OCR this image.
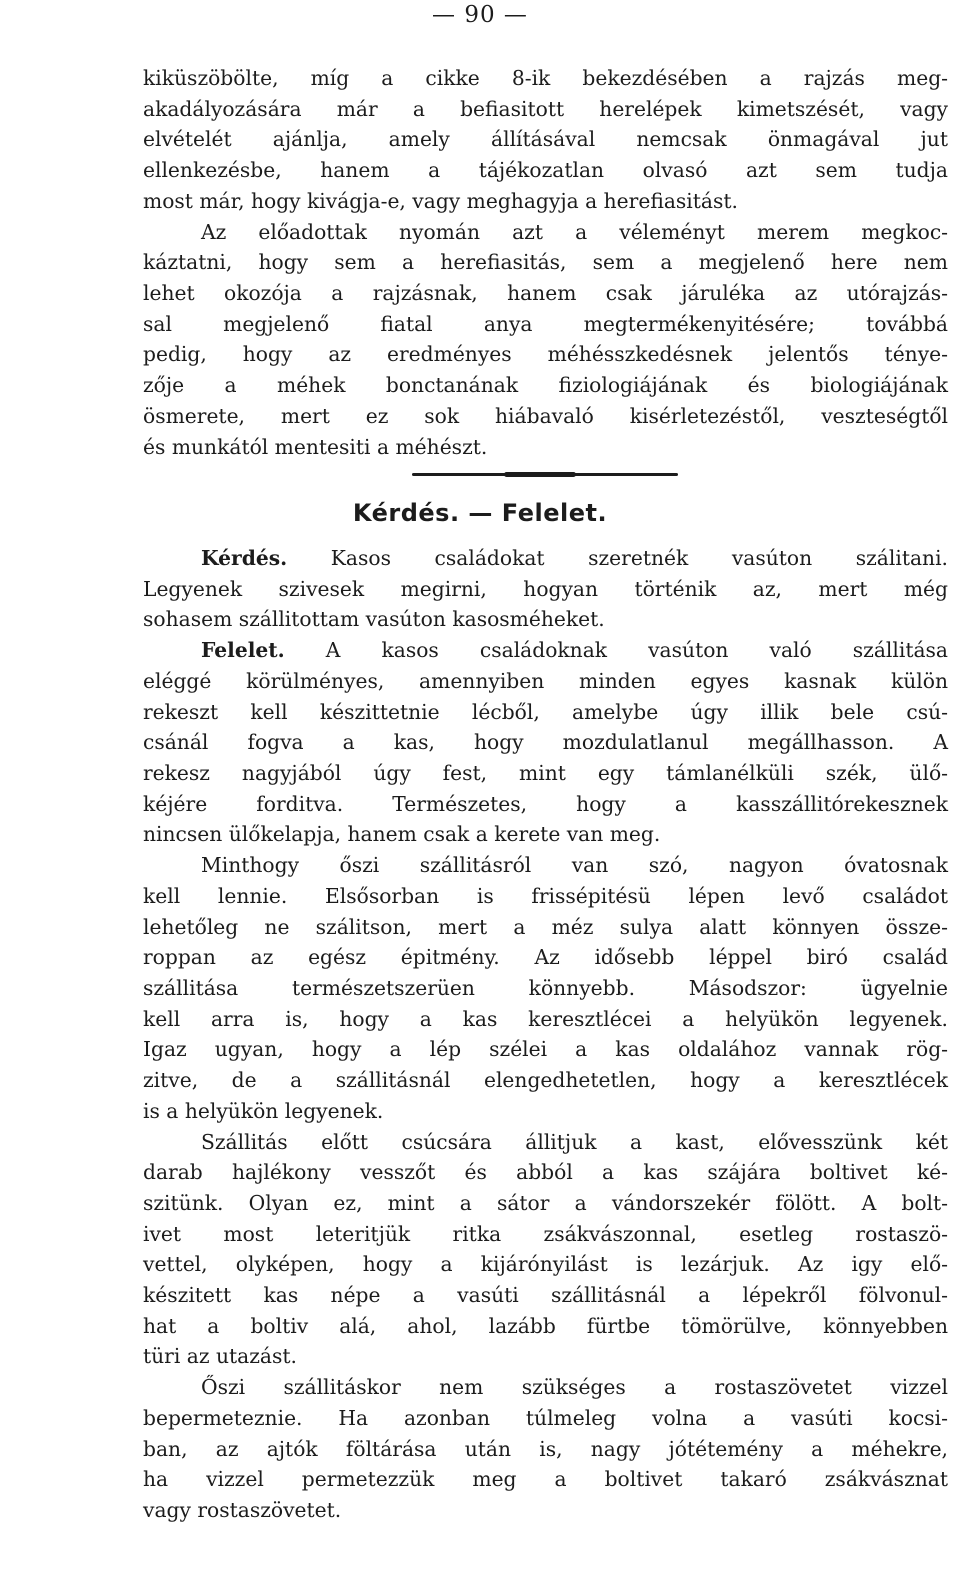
— 90 —
kiküszöbölte, míg a cikke 8-ik bekezdésében a rajzás meg-
akadályozására már a befiasitott herelépek kimetszését, vagy
elvételét ajánlja, amely állításával nemcsak önmagával jut
ellenkezésbe, hanem a tájékozatlan olvasó azt sem tudja
most már, hogy kivágja-e, vagy meghagyja a herefiasitást.
Az előadottak nyomán azt a véleményt merem megkoc-
káztatni, hogy sem a herefiasitás, sem a megjelenő here nem
lehet okozója a rajzásnak, hanem csak járuléka az utórajzás-
sal megjelenő fiatal anya megtermékenyitésére; továbbá
pedig, hogy az eredményes méhésszkedésnek jelentős ténye-
zője a méhek bonctanának fiziologiájának és biologiájának
ösmerete, mert ez sok hiábavaló kisérletezéstől, veszteségtől
és munkától mentesiti a méhészt.
Kérdés. Kasos családokat szeretnék vasúton szálitani.
Legyenek szivesek megirni, hogyan történik az, mert még
sohasem szállitottam vasúton kasosméheket.
Felelet. A kasos családoknak vasúton való szállitása
eléggé körülményes, amennyiben minden egyes kasnak külön
rekeszt kell készittetnie lécből, amelybe úgy illik bele csú-
csánál fogva a kas, hogy mozdulatlanul megállhasson. A
rekesz nagyjából úgy fest, mint egy támlanélküli szék, ülő-
kéjére forditva. Természetes, hogy a kasszállitórekesznek
nincsen ülőkelapja, hanem csak a kerete van meg.
Minthogy őszi szállitásról van szó, nagyon óvatosnak
kell lennie. Elsősorban is frissépitésü lépen levő családot
lehetőleg ne szálitson, mert a méz sulya alatt könnyen össze-
roppan az egész épitmény. Az idősebb léppel biró család
szállitása természetszerüen könnyebb. Másodszor: ügyelnie
kell arra is, hogy a kas keresztlécei a helyükön legyenek.
Igaz ugyan, hogy a lép szélei a kas oldalához vannak rög-
zitve, de a szállitásnál elengedhetetlen, hogy a keresztlécek
is a helyükön legyenek.
Szállitás előtt csúcsára állitjuk a kast, elővesszünk két
darab hajlékony vesszőt és abból a kas szájára boltivet ké-
szitünk. Olyan ez, mint a sátor a vándorszekér fölött. A bolt-
ivet most leteritjük ritka zsákvászonnal, esetleg rostaszö-
vettel, olyképen, hogy a kijárónyilást is lezárjuk. Az igy elő-
készitett kas népe a vasúti szállitásnál a lépekről fölvonul-
hat a boltiv alá, ahol, lazább fürtbe tömörülve, könnyebben
türi az utazást.
Őszi szállitáskor nem szükséges a rostaszövetet vizzel
bepermeteznie. Ha azonban túlmeleg volna a vasúti kocsi-
ban, az ajtók föltárása után is, nagy jótétemény a méhekre,
ha vizzel permetezzük meg a boltivet takaró zsákvásznat
vagy rostaszövetet.
Kérdés. — Felelet.
